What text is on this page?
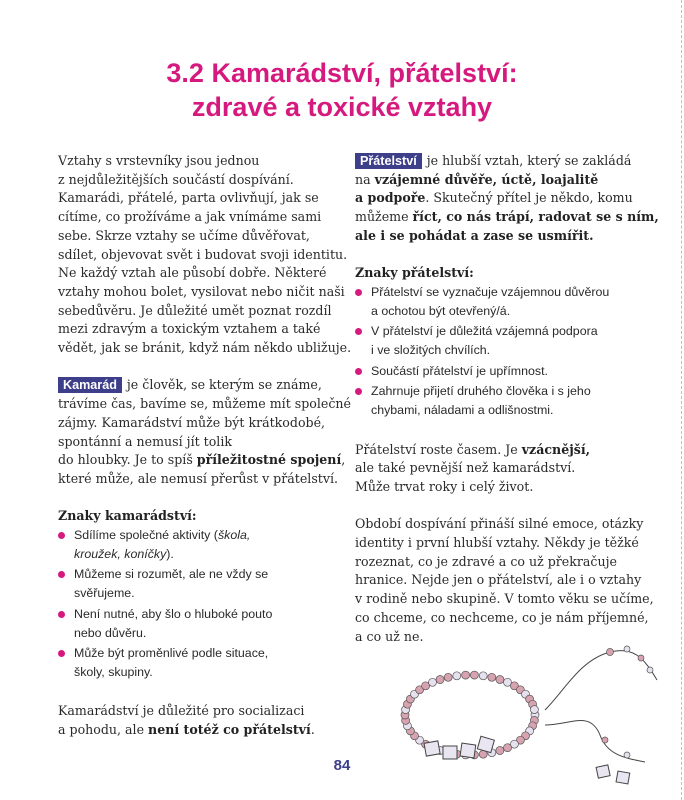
3.2 Kamarádství, přátelství:
zdravé a toxické vztahy

Vztahy s vrstevníky jsou jednou
z nejdůležitějších součástí dospívání.
Kamarádi, přátelé, parta ovlivňují, jak se
cítíme, co prožíváme a jak vnímáme sami
sebe. Skrze vztahy se učíme důvěřovat,
sdílet, objevovat svět i budovat svoji identitu.
Ne každý vztah ale působí dobře. Některé
vztahy mohou bolet, vysilovat nebo ničit naši
sebedůvěru. Je důležité umět poznat rozdíl
mezi zdravým a toxickým vztahem a také
vědět, jak se bránit, když nám někdo ubližuje.

Kamarád je člověk, se kterým se známe,
trávíme čas, bavíme se, můžeme mít společné
zájmy. Kamarádství může být krátkodobé,
spontánní a nemusí jít tolik
do hloubky. Je to spíš příležitostné spojení,
které může, ale nemusí přerůst v přátelství.

Znaky kamarádství:
Sdílíme společné aktivity (škola,
kroužek, koníčky).
Můžeme si rozumět, ale ne vždy se
svěřujeme.
Není nutné, aby šlo o hluboké pouto
nebo důvěru.
Může být proměnlivé podle situace,
školy, skupiny.

Kamarádství je důležité pro socializaci
a pohodu, ale není totéž co přátelství.

Přátelství je hlubší vztah, který se zakládá
na vzájemné důvěře, úctě, loajalitě
a podpoře. Skutečný přítel je někdo, komu
můžeme říct, co nás trápí, radovat se s ním,
ale i se pohádat a zase se usmířit.

Znaky přátelství:
Přátelství se vyznačuje vzájemnou důvěrou
a ochotou být otevřený/á.
V přátelství je důležitá vzájemná podpora
i ve složitých chvílích.
Součástí přátelství je upřímnost.
Zahrnuje přijetí druhého člověka i s jeho
chybami, náladami a odlišnostmi.

Přátelství roste časem. Je vzácnější,
ale také pevnější než kamarádství.
Může trvat roky i celý život.

Období dospívání přináší silné emoce, otázky
identity i první hlubší vztahy. Někdy je těžké
rozeznat, co je zdravé a co už překračuje
hranice. Nejde jen o přátelství, ale i o vztahy
v rodině nebo skupině. V tomto věku se učíme,
co chceme, co nechceme, co je nám příjemné,
a co už ne.

84
